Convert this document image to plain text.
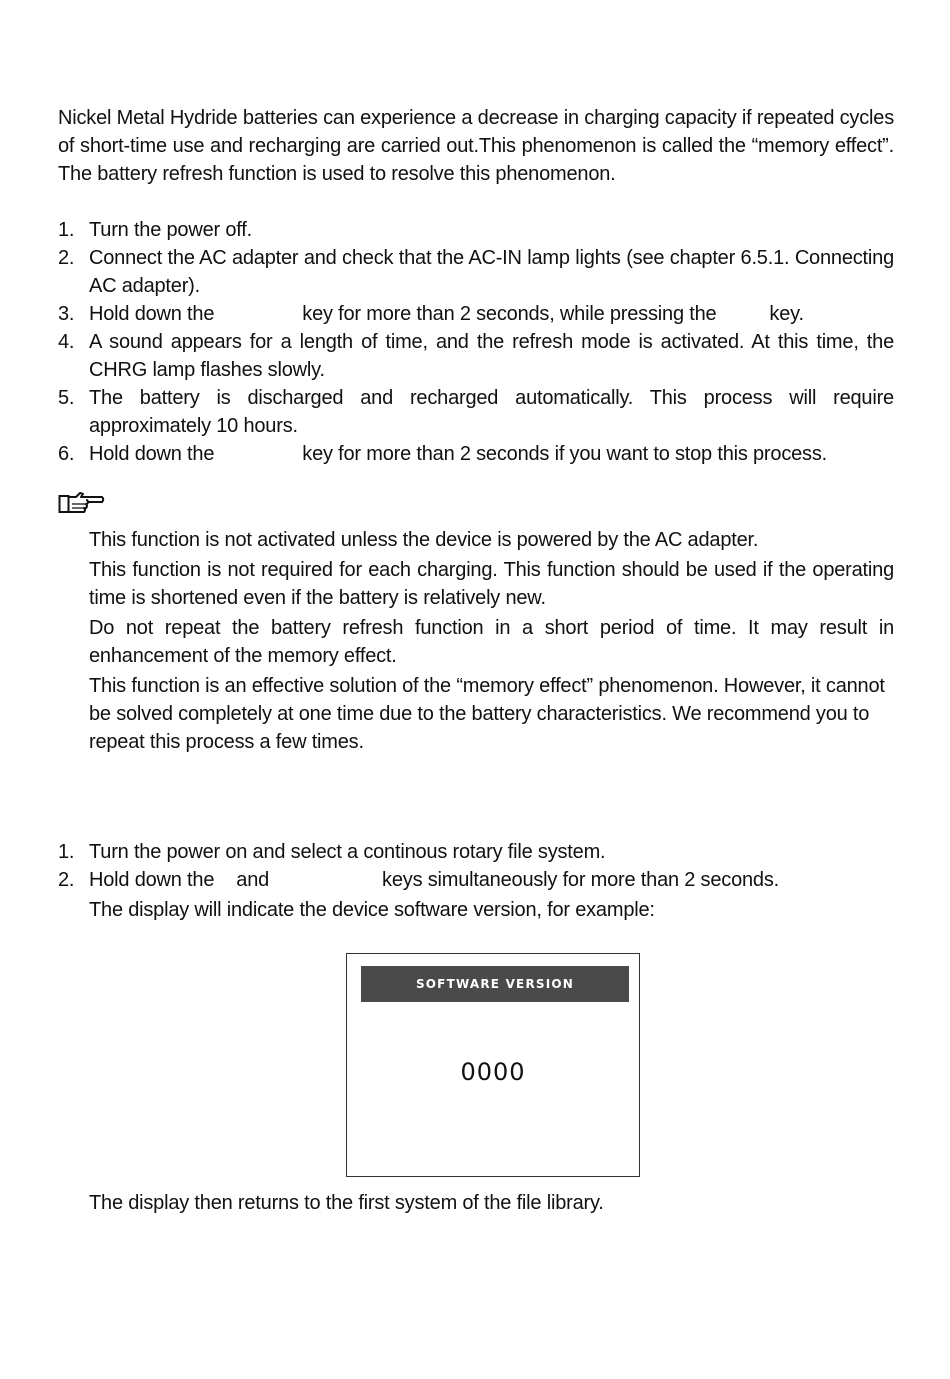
Nickel Metal Hydride batteries can experience a decrease in charging capacity if repeated cycles of short-time use and recharging are carried out.This phenomenon is called the “memory effect”. The battery refresh function is used to resolve this phenomenon.

1. Turn the power off.
2. Connect the AC adapter and check that the AC-IN lamp lights (see chapter 6.5.1. Connecting AC adapter).
3. Hold down the	key for more than 2 seconds, while pressing the	key.
4. A sound appears for a length of time, and the refresh mode is activated. At this time, the CHRG lamp flashes slowly.
5. The battery is discharged and recharged automatically. This process will require approximately 10 hours.
6. Hold down the	key for more than 2 seconds if you want to stop this process.

This function is not activated unless the device is powered by the AC adapter.

This function is not required for each charging. This function should be used if the operating time is shortened even if the battery is relatively new.

Do not repeat the battery refresh function in a short period of time. It may result in enhancement of the memory effect.

This function is an effective solution of the “memory effect” phenomenon. However, it cannot be solved completely at one time due to the battery characteristics. We recommend you to repeat this process a few times.

1. Turn the power on and select a continous rotary file system.
2. Hold down the and	keys simultaneously for more than 2 seconds.

The display will indicate the device software version, for example:

SOFTWARE VERSION
0000

The display then returns to the first system of the file library.
